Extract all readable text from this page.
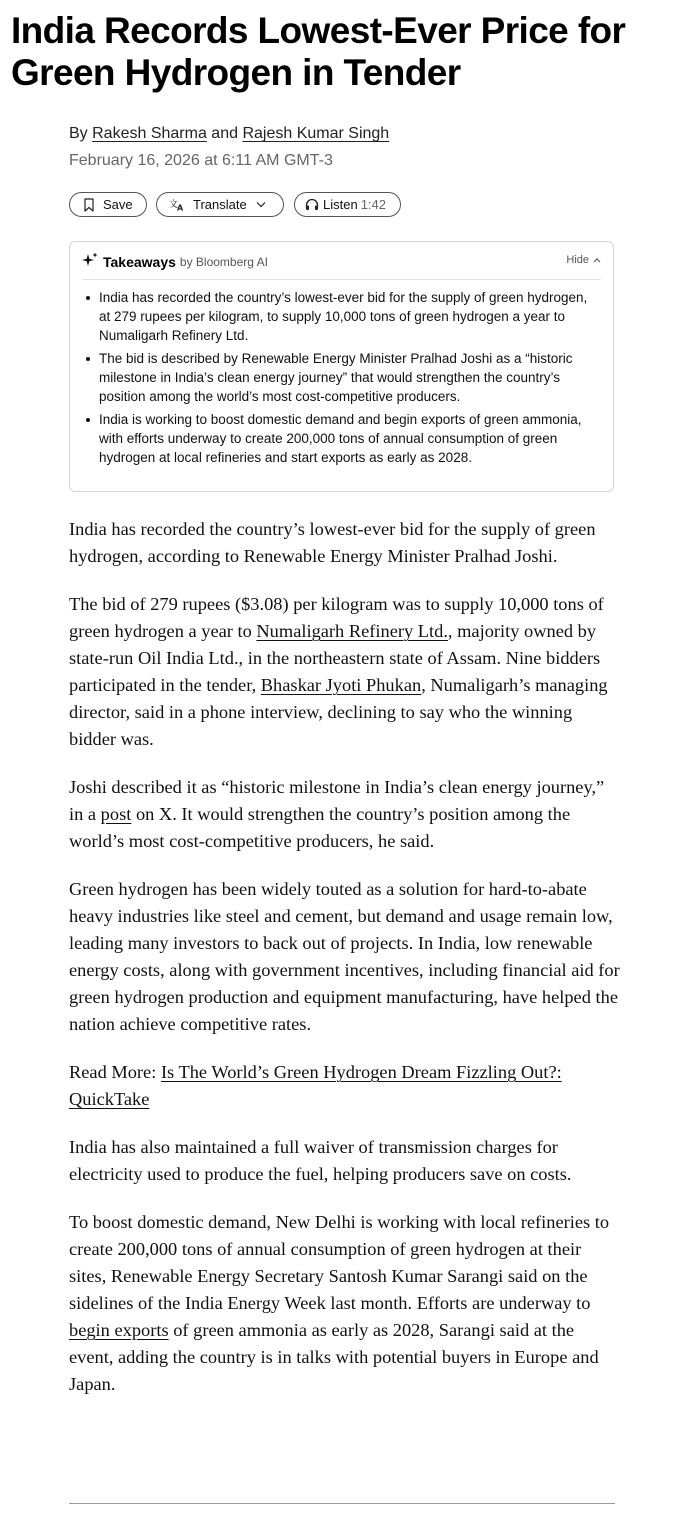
India Records Lowest-Ever Price for Green Hydrogen in Tender
By Rakesh Sharma and Rajesh Kumar Singh
February 16, 2026 at 6:11 AM GMT-3
Save	文
A Translate	Listen 1:42
Takeaways by Bloomberg AI	Hide
India has recorded the country’s lowest-ever bid for the supply of green hydrogen, at 279 rupees per kilogram, to supply 10,000 tons of green hydrogen a year to Numaligarh Refinery Ltd.
The bid is described by Renewable Energy Minister Pralhad Joshi as a “historic milestone in India’s clean energy journey” that would strengthen the country’s position among the world’s most cost-competitive producers.
India is working to boost domestic demand and begin exports of green ammonia, with efforts underway to create 200,000 tons of annual consumption of green hydrogen at local refineries and start exports as early as 2028.

India has recorded the country’s lowest-ever bid for the supply of green hydrogen, according to Renewable Energy Minister Pralhad Joshi.

The bid of 279 rupees ($3.08) per kilogram was to supply 10,000 tons of green hydrogen a year to Numaligarh Refinery Ltd., majority owned by state-run Oil India Ltd., in the northeastern state of Assam. Nine bidders participated in the tender, Bhaskar Jyoti Phukan, Numaligarh’s managing director, said in a phone interview, declining to say who the winning bidder was.

Joshi described it as “historic milestone in India’s clean energy journey,” in a post on X. It would strengthen the country’s position among the world’s most cost-competitive producers, he said.

Green hydrogen has been widely touted as a solution for hard-to-abate heavy industries like steel and cement, but demand and usage remain low, leading many investors to back out of projects. In India, low renewable energy costs, along with government incentives, including financial aid for green hydrogen production and equipment manufacturing, have helped the nation achieve competitive rates.

Read More: Is The World’s Green Hydrogen Dream Fizzling Out?: QuickTake

India has also maintained a full waiver of transmission charges for electricity used to produce the fuel, helping producers save on costs.

To boost domestic demand, New Delhi is working with local refineries to create 200,000 tons of annual consumption of green hydrogen at their sites, Renewable Energy Secretary Santosh Kumar Sarangi said on the sidelines of the India Energy Week last month. Efforts are underway to begin exports of green ammonia as early as 2028, Sarangi said at the event, adding the country is in talks with potential buyers in Europe and Japan.
